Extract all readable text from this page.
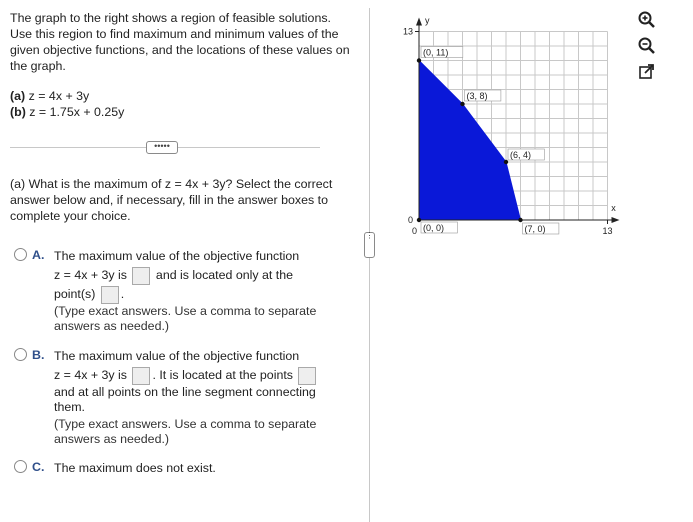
The graph to the right shows a region of feasible solutions. Use this region to find maximum and minimum values of the given objective functions, and the locations of these values on the graph.
(a) z = 4x + 3y
(b) z = 1.75x + 0.25y
•••••
(a) What is the maximum of z = 4x + 3y? Select the correct answer below and, if necessary, fill in the answer boxes to complete your choice.
A. The maximum value of the objective function
z = 4x + 3y is and is located only at the
point(s) .
(Type exact answers. Use a comma to separate answers as needed.)
B. The maximum value of the objective function
z = 4x + 3y is . It is located at the points
and at all points on the line segment connecting them.
(Type exact answers. Use a comma to separate answers as needed.)
C. The maximum does not exist.
⋮
13
0
13
0
x
y
(0, 11)
(3, 8)
(6, 4)
(7, 0)
(0, 0)
